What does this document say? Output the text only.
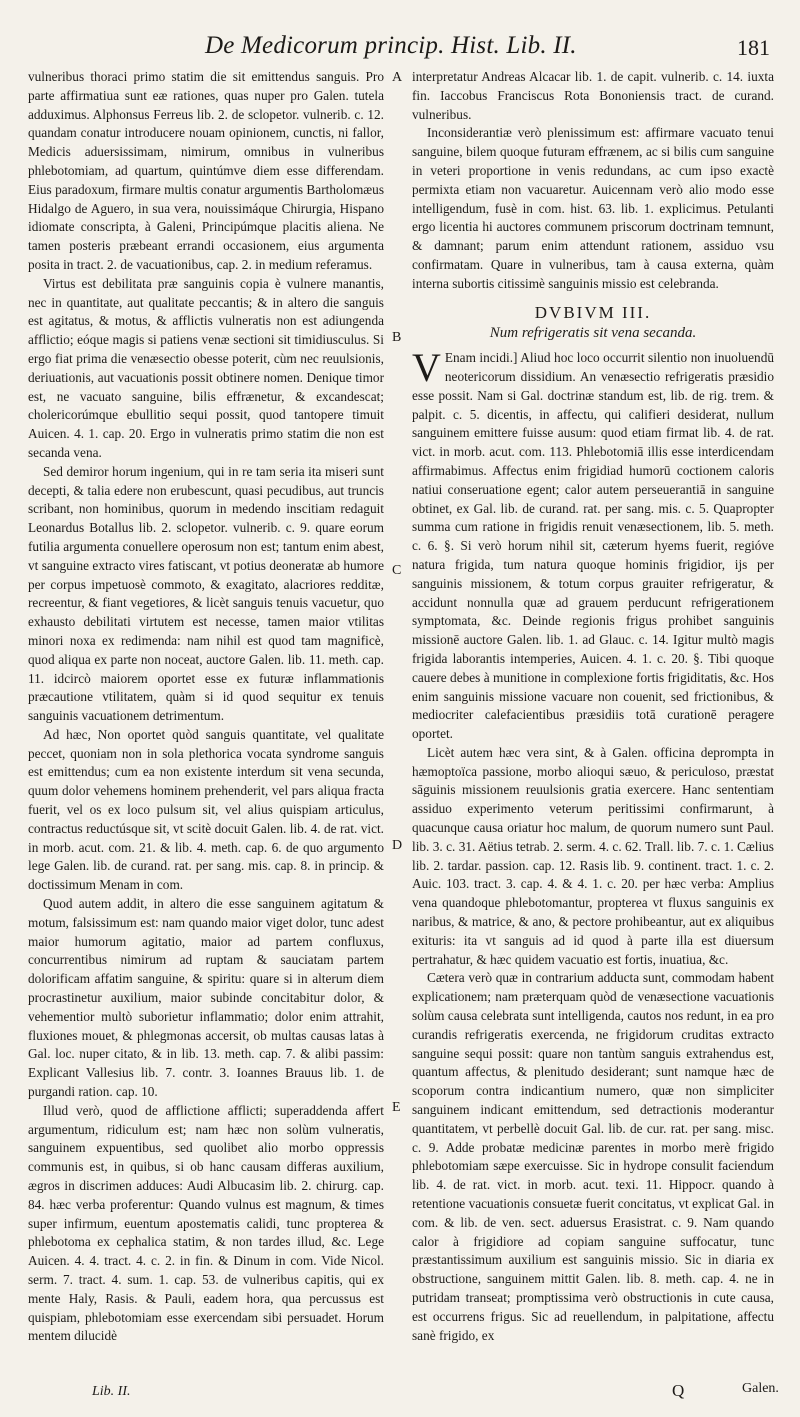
De Medicorum princip. Hist. Lib. II.	181
A
B
C
D
E

vulneribus thoraci primo statim die sit emittendus sanguis. Pro parte affirmatiua sunt eæ rationes, quas nuper pro Galen. tutela adduximus. Alphonsus Ferreus lib. 2. de sclopetor. vulnerib. c. 12. quandam conatur introducere nouam opinionem, cunctis, ni fallor, Medicis aduersissimam, nimirum, omnibus in vulneribus phlebotomiam, ad quartum, quintúmve diem esse differendam. Eius paradoxum, firmare multis conatur argumentis Bartholomæus Hidalgo de Aguero, in sua vera, nouissimáque Chirurgia, Hispano idiomate conscripta, à Galeni, Principúmque placitis aliena. Ne tamen posteris præbeant errandi occasionem, eius argumenta posita in tract. 2. de vacuationibus, cap. 2. in medium referamus.

Virtus est debilitata præ sanguinis copia è vulnere manantis, nec in quantitate, aut qualitate peccantis; & in altero die sanguis est agitatus, & motus, & afflictis vulneratis non est adiungenda afflictio; eóque magis si patiens venæ sectioni sit timidiusculus. Si ergo fiat prima die venæsectio obesse poterit, cùm nec reuulsionis, deriuationis, aut vacuationis possit obtinere nomen. Denique timor est, ne vacuato sanguine, bilis effrænetur, & excandescat; cholericorúmque ebullitio sequi possit, quod tantopere timuit Auicen. 4. 1. cap. 20. Ergo in vulneratis primo statim die non est secanda vena.

Sed demiror horum ingenium, qui in re tam seria ita miseri sunt decepti, & talia edere non erubescunt, quasi pecudibus, aut truncis scribant, non hominibus, quorum in medendo inscitiam redaguit Leonardus Botallus lib. 2. sclopetor. vulnerib. c. 9. quare eorum futilia argumenta conuellere operosum non est; tantum enim abest, vt sanguine extracto vires fatiscant, vt potius deoneratæ ab humore per corpus impetuosè commoto, & exagitato, alacriores redditæ, recreentur, & fiant vegetiores, & licèt sanguis tenuis vacuetur, quo exhausto debilitati virtutem est necesse, tamen maior vtilitas minori noxa ex redimenda: nam nihil est quod tam magnificè, quod aliqua ex parte non noceat, auctore Galen. lib. 11. meth. cap. 11. idcircò maiorem oportet esse ex futuræ inflammationis præcautione vtilitatem, quàm si id quod sequitur ex tenuis sanguinis vacuationem detrimentum.

Ad hæc, Non oportet quòd sanguis quantitate, vel qualitate peccet, quoniam non in sola plethorica vocata syndrome sanguis est emittendus; cum ea non existente interdum sit vena secunda, quum dolor vehemens hominem prehenderit, vel pars aliqua fracta fuerit, vel os ex loco pulsum sit, vel alius quispiam articulus, contractus reductúsque sit, vt scitè docuit Galen. lib. 4. de rat. vict. in morb. acut. com. 21. & lib. 4. meth. cap. 6. de quo argumento lege Galen. lib. de curand. rat. per sang. mis. cap. 8. in princip. & doctissimum Menam in com.

Quod autem addit, in altero die esse sanguinem agitatum & motum, falsissimum est: nam quando maior viget dolor, tunc adest maior humorum agitatio, maior ad partem confluxus, concurrentibus nimirum ad ruptam & sauciatam partem dolorificam affatim sanguine, & spiritu: quare si in alterum diem procrastinetur auxilium, maior subinde concitabitur dolor, & vehementior multò suborietur inflammatio; dolor enim attrahit, fluxiones mouet, & phlegmonas accersit, ob multas causas latas à Gal. loc. nuper citato, & in lib. 13. meth. cap. 7. & alibi passim: Explicant Vallesius lib. 7. contr. 3. Ioannes Brauus lib. 1. de purgandi ration. cap. 10.

Illud verò, quod de afflictione afflicti; superaddenda affert argumentum, ridiculum est; nam hæc non solùm vulneratis, sanguinem expuentibus, sed quolibet alio morbo oppressis communis est, in quibus, si ob hanc causam differas auxilium, ægros in discrimen adduces: Audi Albucasim lib. 2. chirurg. cap. 84. hæc verba proferentur: Quando vulnus est magnum, & times super infirmum, euentum apostematis calidi, tunc propterea & phlebotoma ex cephalica statim, & non tardes illud, &c. Lege Auicen. 4. 4. tract. 4. c. 2. in fin. & Dinum in com. Vide Nicol. serm. 7. tract. 4. sum. 1. cap. 53. de vulneribus capitis, qui ex mente Haly, Rasis. & Pauli, eadem hora, qua percussus est quispiam, phlebotomiam esse exercendam sibi persuadet. Horum mentem dilucidè

interpretatur Andreas Alcacar lib. 1. de capit. vulnerib. c. 14. iuxta fin. Iaccobus Franciscus Rota Bononiensis tract. de curand. vulneribus.

Inconsiderantiæ verò plenissimum est: affirmare vacuato tenui sanguine, bilem quoque futuram effrænem, ac si bilis cum sanguine in veteri proportione in venis redundans, ac cum ipso exactè permixta etiam non vacuaretur. Auicennam verò alio modo esse intelligendum, fusè in com. hist. 63. lib. 1. explicimus. Petulanti ergo licentia hi auctores communem priscorum doctrinam temnunt, & damnant; parum enim attendunt rationem, assiduo vsu confirmatam. Quare in vulneribus, tam à causa externa, quàm interna subortis citissimè sanguinis missio est celebranda.

DVBIVM III.
Num refrigeratis sit vena secanda.

V Enam incidi.] Aliud hoc loco occurrit silentio non inuoluendū neotericorum dissidium. An venæsectio refrigeratis præsidio esse possit. Nam si Gal. doctrinæ standum est, lib. de rig. trem. & palpit. c. 5. dicentis, in affectu, qui califieri desiderat, nullum sanguinem emittere fuisse ausum: quod etiam firmat lib. 4. de rat. vict. in morb. acut. com. 113. Phlebotomiā illis esse interdicendam affirmabimus. Affectus enim frigidiad humorū coctionem caloris natiui conseruatione egent; calor autem perseuerantiā in sanguine obtinet, ex Gal. lib. de curand. rat. per sang. mis. c. 5. Quapropter summa cum ratione in frigidis renuit venæsectionem, lib. 5. meth. c. 6. §. Si verò horum nihil sit, cæterum hyems fuerit, regióve natura frigida, tum natura quoque hominis frigidior, ijs per sanguinis missionem, & totum corpus grauiter refrigeratur, & accidunt nonnulla quæ ad grauem perducunt refrigerationem symptomata, &c. Deinde regionis frigus prohibet sanguinis missionē auctore Galen. lib. 1. ad Glauc. c. 14. Igitur multò magis frigida laborantis intemperies, Auicen. 4. 1. c. 20. §. Tibi quoque cauere debes à munitione in complexione fortis frigiditatis, &c. Hos enim sanguinis missione vacuare non couenit, sed frictionibus, & mediocriter calefacientibus præsidiis totā curationē peragere oportet.

Licèt autem hæc vera sint, & à Galen. officina deprompta in hæmoptoïca passione, morbo alioqui sæuo, & periculoso, præstat sāguinis missionem reuulsionis gratia exercere. Hanc sententiam assiduo experimento veterum peritissimi confirmarunt, à quacunque causa oriatur hoc malum, de quorum numero sunt Paul. lib. 3. c. 31. Aëtius tetrab. 2. serm. 4. c. 62. Trall. lib. 7. c. 1. Cælius lib. 2. tardar. passion. cap. 12. Rasis lib. 9. continent. tract. 1. c. 2. Auic. 103. tract. 3. cap. 4. & 4. 1. c. 20. per hæc verba: Amplius vena quandoque phlebotomantur, propterea vt fluxus sanguinis ex naribus, & matrice, & ano, & pectore prohibeantur, aut ex aliquibus exituris: ita vt sanguis ad id quod à parte illa est diuersum pertrahatur, & hæc quidem vacuatio est fortis, inuatiua, &c.

Cætera verò quæ in contrarium adducta sunt, commodam habent explicationem; nam præterquam quòd de venæsectione vacuationis solùm causa celebrata sunt intelligenda, cautos nos redunt, in ea pro curandis refrigeratis exercenda, ne frigidorum cruditas extracto sanguine sequi possit: quare non tantùm sanguis extrahendus est, quantum affectus, & plenitudo desiderant; sunt namque hæc de scoporum contra indicantium numero, quæ non simpliciter sanguinem indicant emittendum, sed detractionis moderantur quantitatem, vt perbellè docuit Gal. lib. de cur. rat. per sang. misc. c. 9. Adde probatæ medicinæ parentes in morbo merè frigido phlebotomiam sæpe exercuisse. Sic in hydrope consulit faciendum lib. 4. de rat. vict. in morb. acut. texi. 11. Hippocr. quando à retentione vacuationis consuetæ fuerit concitatus, vt explicat Gal. in com. & lib. de ven. sect. aduersus Erasistrat. c. 9. Nam quando calor à frigidiore ad copiam sanguine suffocatur, tunc præstantissimum auxilium est sanguinis missio. Sic in diaria ex obstructione, sanguinem mittit Galen. lib. 8. meth. cap. 4. ne in putridam transeat; promptissima verò obstructionis in cute causa, est occurrens frigus. Sic ad reuellendum, in palpitatione, affectu sanè frigido, ex

Lib. II.	Q	Galen.
